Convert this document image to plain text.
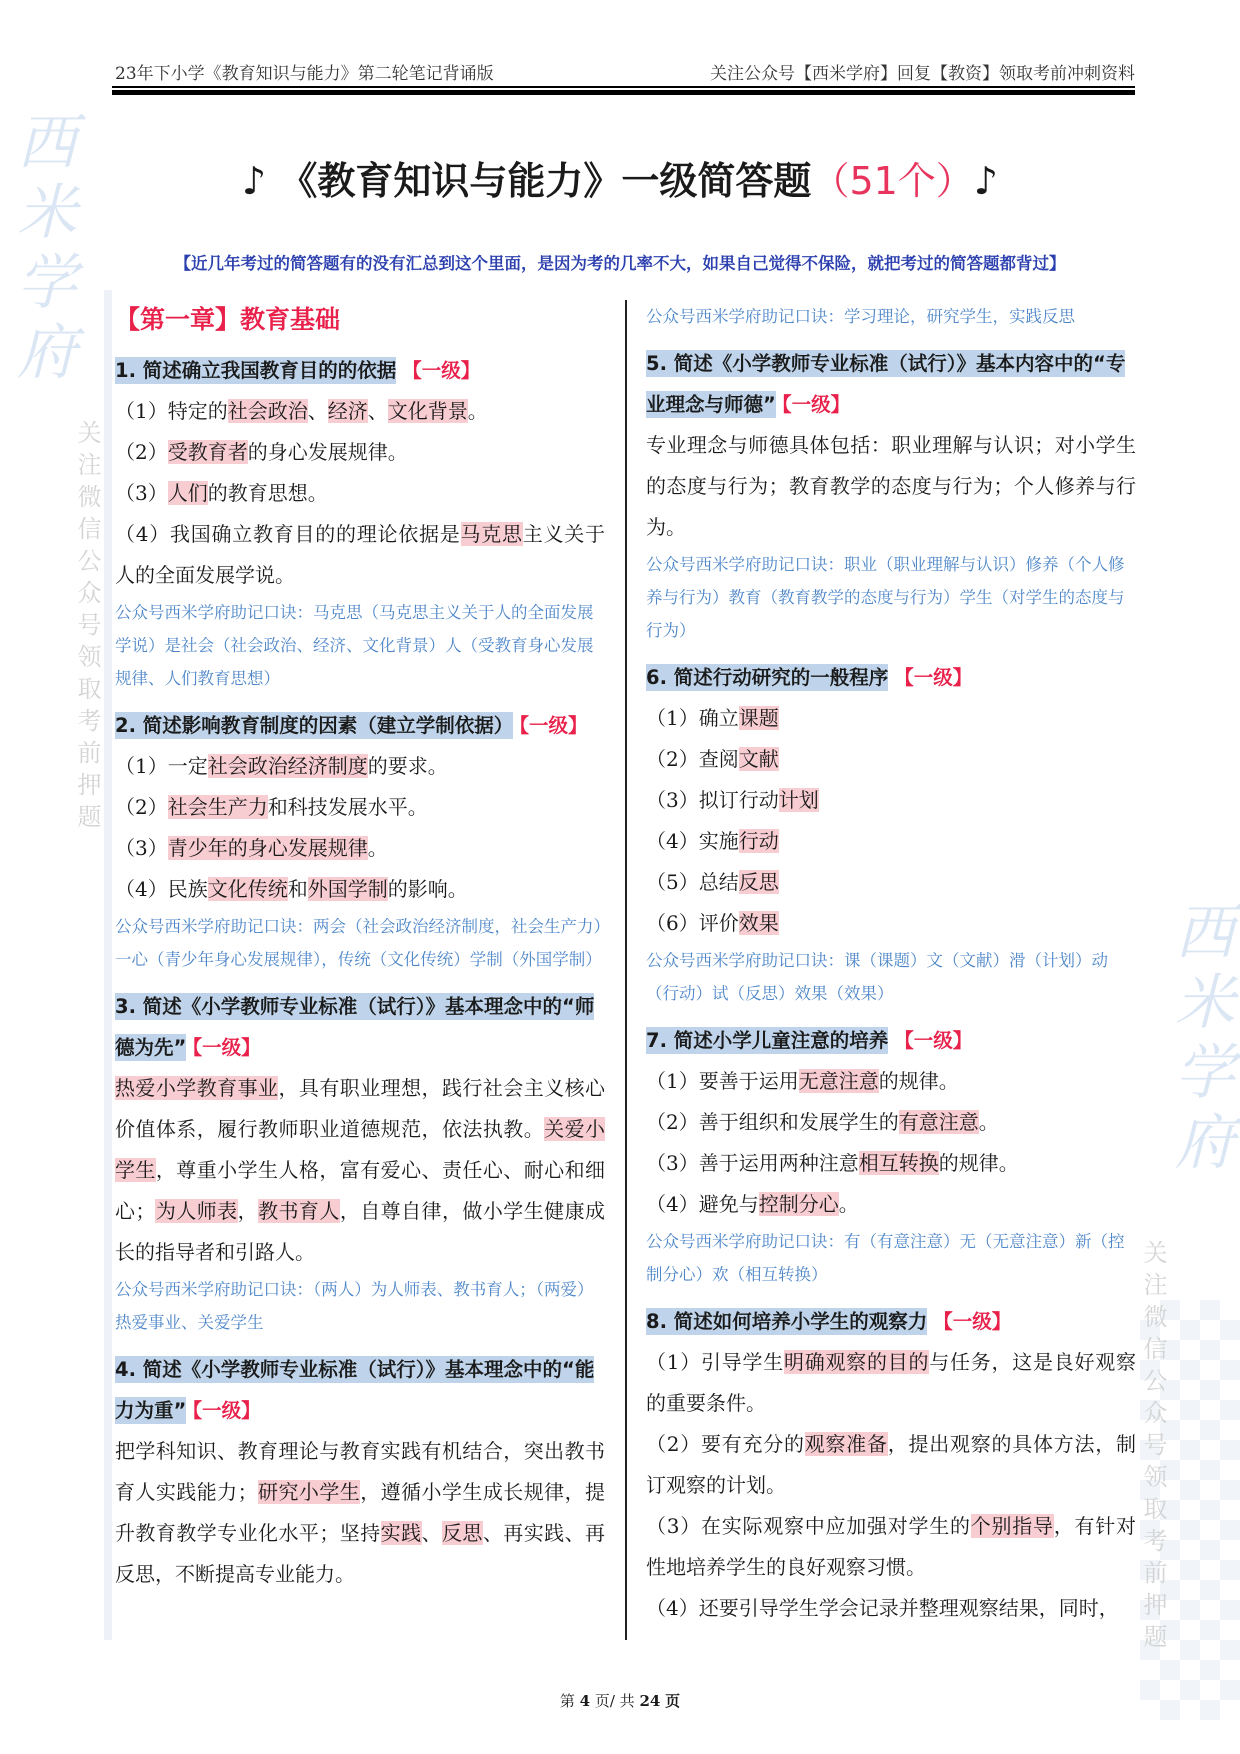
西米学府
西米学府
关注微信公众号领取考前押题
关注微信公众号领取考前押题
23年下小学《教育知识与能力》第二轮笔记背诵版	关注公众号【西米学府】回复【教资】领取考前冲刺资料
♪ 《教育知识与能力》一级简答题（51个）♪
【近几年考过的简答题有的没有汇总到这个里面，是因为考的几率不大，如果自己觉得不保险，就把考过的简答题都背过】
【第一章】教育基础
1. 简述确立我国教育目的的依据 【一级】
（1）特定的社会政治、经济、文化背景。
（2）受教育者的身心发展规律。
（3）人们的教育思想。
（4）我国确立教育目的的理论依据是马克思主义关于人的全面发展学说。
公众号西米学府助记口诀：马克思（马克思主义关于人的全面发展学说）是社会（社会政治、经济、文化背景）人（受教育身心发展规律、人们教育思想）
2. 简述影响教育制度的因素（建立学制依据） 【一级】
（1）一定社会政治经济制度的要求。
（2）社会生产力和科技发展水平。
（3）青少年的身心发展规律。
（4）民族文化传统和外国学制的影响。
公众号西米学府助记口诀：两会（社会政治经济制度，社会生产力）一心（青少年身心发展规律），传统（文化传统）学制（外国学制）
3. 简述《小学教师专业标准（试行）》基本理念中的“师德为先” 【一级】
热爱小学教育事业，具有职业理想，践行社会主义核心价值体系，履行教师职业道德规范，依法执教。关爱小学生，尊重小学生人格，富有爱心、责任心、耐心和细心；为人师表，教书育人，自尊自律，做小学生健康成长的指导者和引路人。
公众号西米学府助记口诀：（两人）为人师表、教书育人；（两爱）热爱事业、关爱学生
4. 简述《小学教师专业标准（试行）》基本理念中的“能力为重” 【一级】
把学科知识、教育理论与教育实践有机结合，突出教书育人实践能力；研究小学生，遵循小学生成长规律，提升教育教学专业化水平；坚持实践、反思、再实践、再反思，不断提高专业能力。
公众号西米学府助记口诀：学习理论，研究学生，实践反思
5. 简述《小学教师专业标准（试行）》基本内容中的“专业理念与师德” 【一级】
专业理念与师德具体包括：职业理解与认识；对小学生的态度与行为；教育教学的态度与行为；个人修养与行为。
公众号西米学府助记口诀：职业（职业理解与认识）修养（个人修养与行为）教育（教育教学的态度与行为）学生（对学生的态度与行为）
6. 简述行动研究的一般程序 【一级】
（1）确立课题
（2）查阅文献
（3）拟订行动计划
（4）实施行动
（5）总结反思
（6）评价效果
公众号西米学府助记口诀：课（课题）文（文献）滑（计划）动（行动）试（反思）效果（效果）
7. 简述小学儿童注意的培养 【一级】
（1）要善于运用无意注意的规律。
（2）善于组织和发展学生的有意注意。
（3）善于运用两种注意相互转换的规律。
（4）避免与控制分心。
公众号西米学府助记口诀：有（有意注意）无（无意注意）新（控制分心）欢（相互转换）
8. 简述如何培养小学生的观察力 【一级】
（1）引导学生明确观察的目的与任务，这是良好观察的重要条件。
（2）要有充分的观察准备，提出观察的具体方法，制订观察的计划。
（3）在实际观察中应加强对学生的个别指导，有针对性地培养学生的良好观察习惯。
（4）还要引导学生学会记录并整理观察结果，同时，
第 4 页/ 共 24 页
